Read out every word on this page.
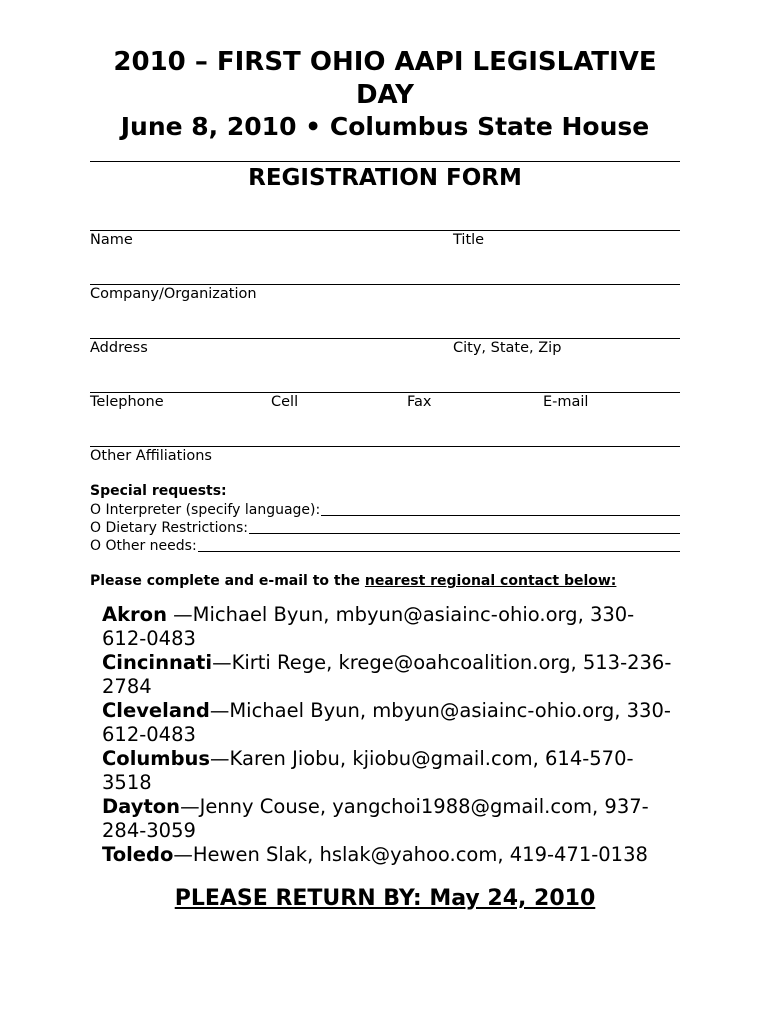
2010 – FIRST OHIO AAPI LEGISLATIVE DAY
June 8, 2010 • Columbus State House
REGISTRATION FORM
Name	Title
Company/Organization
Address	City, State, Zip
Telephone	Cell	Fax	E-mail
Other Affiliations
Special requests:
O Interpreter (specify language):
O Dietary Restrictions:
O Other needs:
Please complete and e-mail to the nearest regional contact below:

Akron —Michael Byun, mbyun@asiainc-ohio.org, 330-612-0483

Cincinnati—Kirti Rege, krege@oahcoalition.org, 513-236-2784

Cleveland—Michael Byun, mbyun@asiainc-ohio.org, 330-612-0483

Columbus—Karen Jiobu, kjiobu@gmail.com, 614-570-3518

Dayton—Jenny Couse, yangchoi1988@gmail.com, 937-284-3059

Toledo—Hewen Slak, hslak@yahoo.com, 419-471-0138

PLEASE RETURN BY: May 24, 2010
